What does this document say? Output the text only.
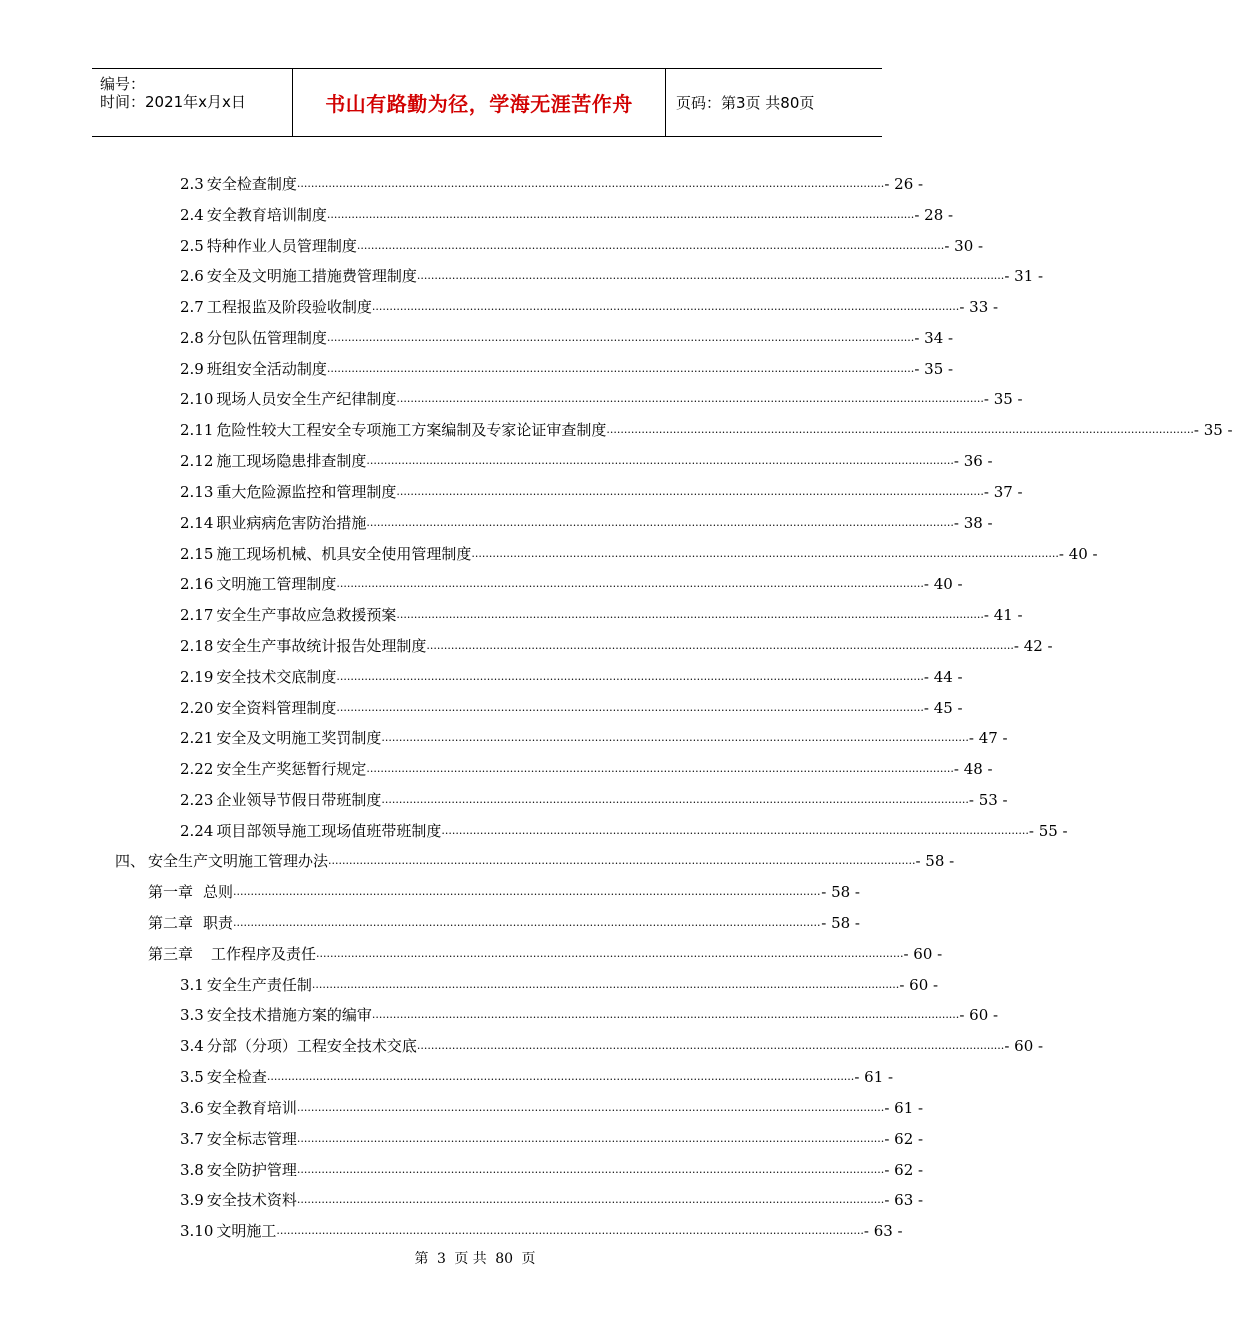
编号：
时间：2021年x月x日	书山有路勤为径，学海无涯苦作舟	页码：第3页 共80页
2.3 安全检查制度 ........................................................................................................................................................................ - 26 -
2.4 安全教育培训制度 ........................................................................................................................................................................ - 28 -
2.5 特种作业人员管理制度 ........................................................................................................................................................................ - 30 -
2.6 安全及文明施工措施费管理制度 ........................................................................................................................................................................ - 31 -
2.7 工程报监及阶段验收制度 ........................................................................................................................................................................ - 33 -
2.8 分包队伍管理制度 ........................................................................................................................................................................ - 34 -
2.9 班组安全活动制度 ........................................................................................................................................................................ - 35 -
2.10 现场人员安全生产纪律制度 ........................................................................................................................................................................ - 35 -
2.11 危险性较大工程安全专项施工方案编制及专家论证审查制度 ........................................................................................................................................................................ - 35 -
2.12 施工现场隐患排查制度 ........................................................................................................................................................................ - 36 -
2.13 重大危险源监控和管理制度 ........................................................................................................................................................................ - 37 -
2.14 职业病病危害防治措施 ........................................................................................................................................................................ - 38 -
2.15 施工现场机械、机具安全使用管理制度 ........................................................................................................................................................................ - 40 -
2.16 文明施工管理制度 ........................................................................................................................................................................ - 40 -
2.17 安全生产事故应急救援预案 ........................................................................................................................................................................ - 41 -
2.18 安全生产事故统计报告处理制度 ........................................................................................................................................................................ - 42 -
2.19 安全技术交底制度 ........................................................................................................................................................................ - 44 -
2.20 安全资料管理制度 ........................................................................................................................................................................ - 45 -
2.21 安全及文明施工奖罚制度 ........................................................................................................................................................................ - 47 -
2.22 安全生产奖惩暂行规定 ........................................................................................................................................................................ - 48 -
2.23 企业领导节假日带班制度 ........................................................................................................................................................................ - 53 -
2.24 项目部领导施工现场值班带班制度 ........................................................................................................................................................................ - 55 -
四、 安全生产文明施工管理办法 ........................................................................................................................................................................ - 58 -
第一章 总则 ........................................................................................................................................................................ - 58 -
第二章 职责 ........................................................................................................................................................................ - 58 -
第三章 工作程序及责任 ........................................................................................................................................................................ - 60 -
3.1 安全生产责任制 ........................................................................................................................................................................ - 60 -
3.3 安全技术措施方案的编审 ........................................................................................................................................................................ - 60 -
3.4 分部（分项）工程安全技术交底 ........................................................................................................................................................................ - 60 -
3.5 安全检查 ........................................................................................................................................................................ - 61 -
3.6 安全教育培训 ........................................................................................................................................................................ - 61 -
3.7 安全标志管理 ........................................................................................................................................................................ - 62 -
3.8 安全防护管理 ........................................................................................................................................................................ - 62 -
3.9 安全技术资料 ........................................................................................................................................................................ - 63 -
3.10 文明施工 ........................................................................................................................................................................ - 63 -
第 3 页 共 80 页
